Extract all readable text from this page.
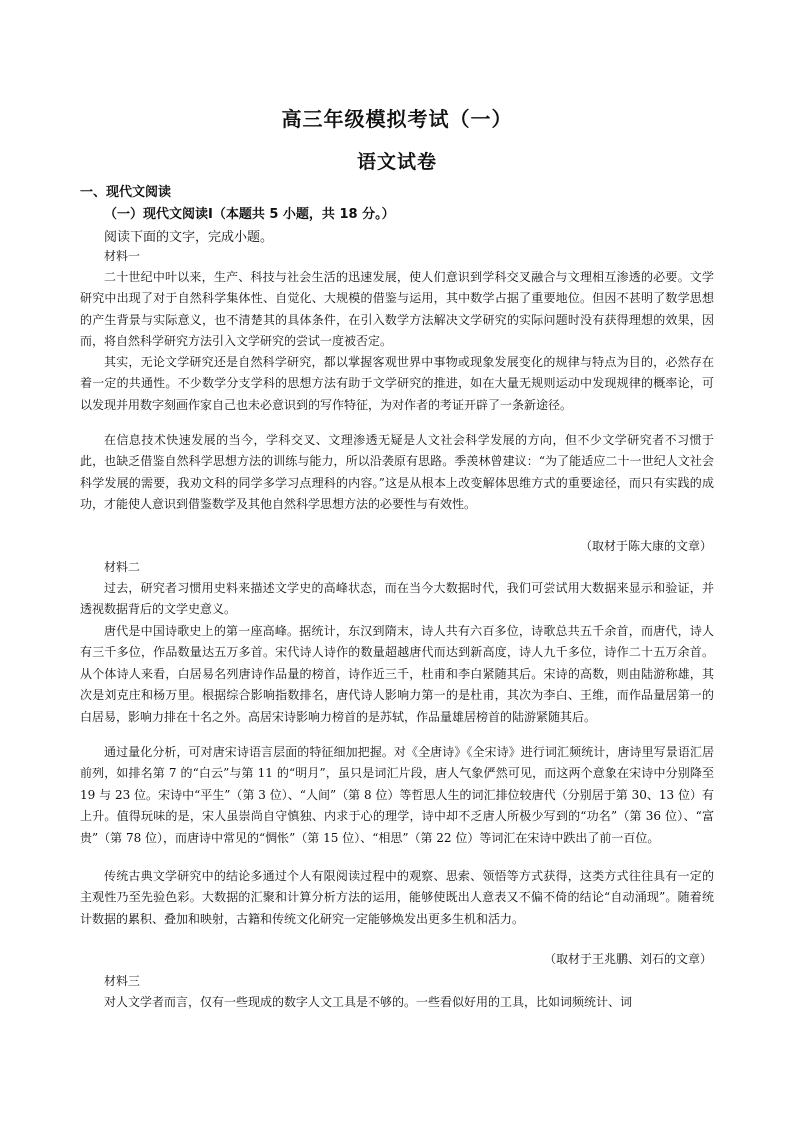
高三年级模拟考试（一）
语文试卷
一、现代文阅读
（一）现代文阅读Ⅰ（本题共 5 小题，共 18 分。）
阅读下面的文字，完成小题。
材料一
二十世纪中叶以来，生产、科技与社会生活的迅速发展，使人们意识到学科交叉融合与文理相互渗透的必要。文学研究中出现了对于自然科学集体性、自觉化、大规模的借鉴与运用，其中数学占据了重要地位。但因不甚明了数学思想的产生背景与实际意义，也不清楚其的具体条件，在引入数学方法解决文学研究的实际问题时没有获得理想的效果，因而，将自然科学研究方法引入文学研究的尝试一度被否定。
其实，无论文学研究还是自然科学研究，都以掌握客观世界中事物或现象发展变化的规律与特点为目的，必然存在着一定的共通性。不少数学分支学科的思想方法有助于文学研究的推进，如在大量无规则运动中发现规律的概率论，可以发现并用数字刻画作家自己也未必意识到的写作特征，为对作者的考证开辟了一条新途径。
在信息技术快速发展的当今，学科交叉、文理渗透无疑是人文社会科学发展的方向，但不少文学研究者不习惯于此，也缺乏借鉴自然科学思想方法的训练与能力，所以沿袭原有思路。季羡林曾建议：“为了能适应二十一世纪人文社会科学发展的需要，我劝文科的同学多学习点理科的内容。”这是从根本上改变解体思维方式的重要途径，而只有实践的成功，才能使人意识到借鉴数学及其他自然科学思想方法的必要性与有效性。
（取材于陈大康的文章）
材料二
过去，研究者习惯用史料来描述文学史的高峰状态，而在当今大数据时代，我们可尝试用大数据来显示和验证，并透视数据背后的文学史意义。
唐代是中国诗歌史上的第一座高峰。据统计，东汉到隋末，诗人共有六百多位，诗歌总共五千余首，而唐代，诗人有三千多位，作品数量达五万多首。宋代诗人诗作的数量超越唐代而达到新高度，诗人九千多位，诗作二十五万余首。从个体诗人来看，白居易名列唐诗作品量的榜首，诗作近三千，杜甫和李白紧随其后。宋诗的高数，则由陆游称雄，其次是刘克庄和杨万里。根据综合影响指数排名，唐代诗人影响力第一的是杜甫，其次为李白、王维，而作品量居第一的白居易，影响力排在十名之外。高居宋诗影响力榜首的是苏轼，作品量雄居榜首的陆游紧随其后。
通过量化分析，可对唐宋诗语言层面的特征细加把握。对《全唐诗》《全宋诗》进行词汇频统计，唐诗里写景语汇居前列，如排名第 7 的“白云”与第 11 的“明月”，虽只是词汇片段，唐人气象俨然可见，而这两个意象在宋诗中分别降至 19 与 23 位。宋诗中“平生”（第 3 位）、“人间”（第 8 位）等哲思人生的词汇排位较唐代（分别居于第 30、13 位）有上升。值得玩味的是，宋人虽崇尚自守慎独、内求于心的理学，诗中却不乏唐人所极少写到的“功名”（第 36 位）、“富贵”（第 78 位），而唐诗中常见的“惆怅”（第 15 位）、“相思”（第 22 位）等词汇在宋诗中跌出了前一百位。
传统古典文学研究中的结论多通过个人有限阅读过程中的观察、思索、领悟等方式获得，这类方式往往具有一定的主观性乃至先验色彩。大数据的汇聚和计算分析方法的运用，能够使既出人意表又不偏不倚的结论“自动涌现”。随着统计数据的累积、叠加和映射，古籍和传统文化研究一定能够焕发出更多生机和活力。
（取材于王兆鹏、刘石的文章）
材料三
对人文学者而言，仅有一些现成的数字人文工具是不够的。一些看似好用的工具，比如词频统计、词
